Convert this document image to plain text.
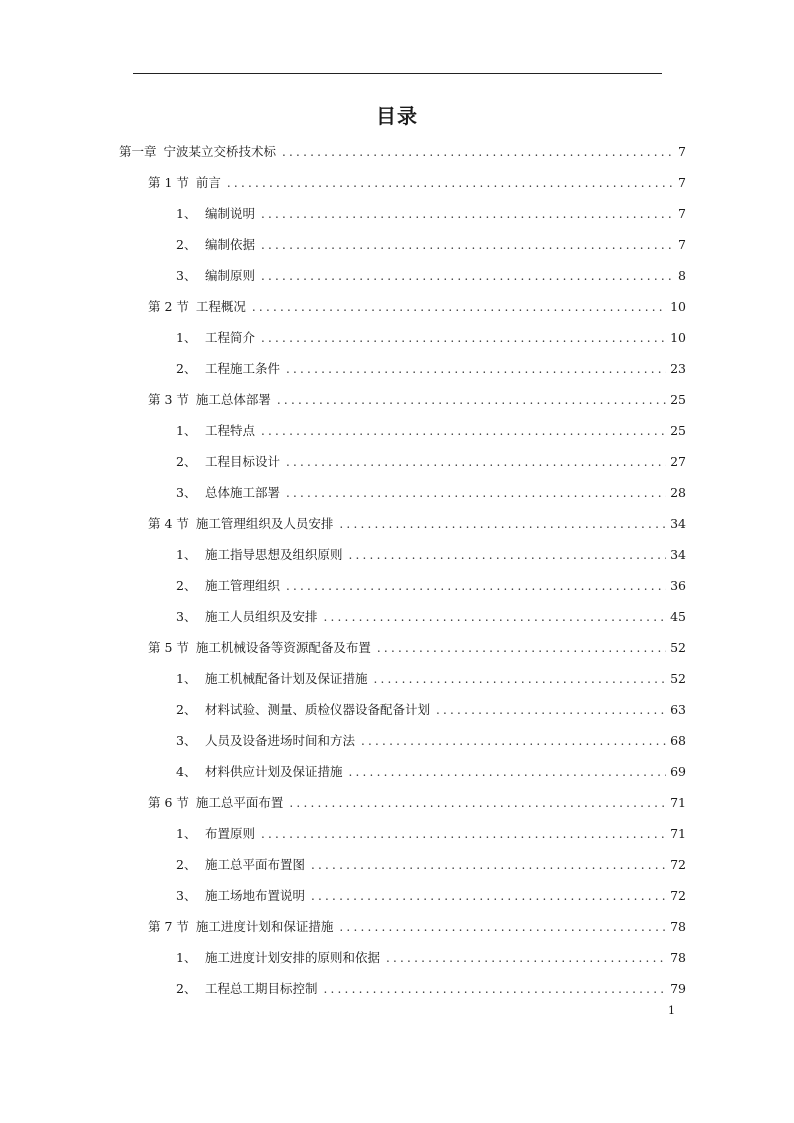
目录
第一章 宁波某立交桥技术标 .....	7
第 1 节 前言 .....	7
1、 编制说明 .....	7
2、 编制依据 .....	7
3、 编制原则 .....	8
第 2 节 工程概况 .....	10
1、 工程简介 .....	10
2、 工程施工条件 .....	23
第 3 节 施工总体部署 .....	25
1、 工程特点 .....	25
2、 工程目标设计 .....	27
3、 总体施工部署 .....	28
第 4 节 施工管理组织及人员安排 .....	34
1、 施工指导思想及组织原则 .....	34
2、 施工管理组织 .....	36
3、 施工人员组织及安排 .....	45
第 5 节 施工机械设备等资源配备及布置 .....	52
1、 施工机械配备计划及保证措施 .....	52
2、 材料试验、测量、质检仪器设备配备计划 .....	63
3、 人员及设备进场时间和方法 .....	68
4、 材料供应计划及保证措施 .....	69
第 6 节 施工总平面布置 .....	71
1、 布置原则 .....	71
2、 施工总平面布置图 .....	72
3、 施工场地布置说明 .....	72
第 7 节 施工进度计划和保证措施 .....	78
1、 施工进度计划安排的原则和依据 .....	78
2、 工程总工期目标控制 .....	79
1
